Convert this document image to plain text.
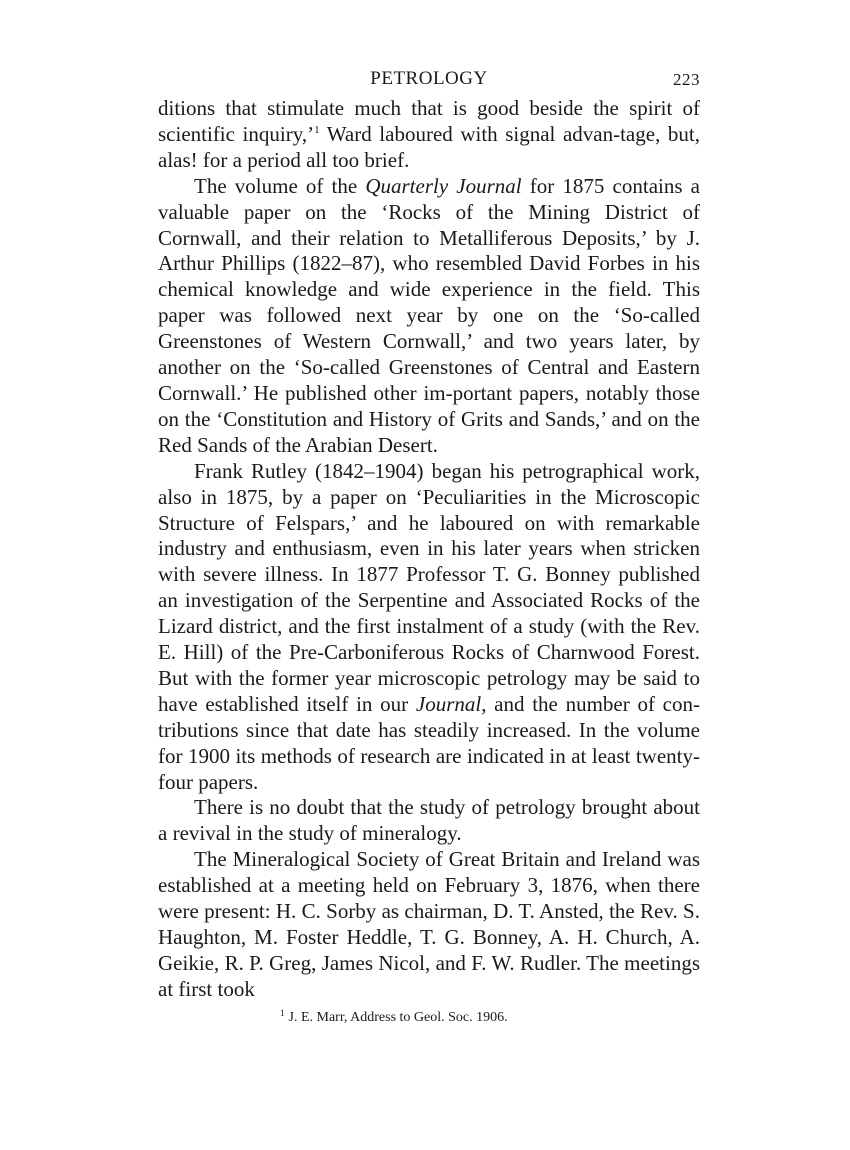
PETROLOGY	223

ditions that stimulate much that is good beside the spirit of scientific inquiry,’$^1$ Ward laboured with signal advan-tage, but, alas! for a period all too brief.

The volume of the Quarterly Journal for 1875 contains a valuable paper on the ‘Rocks of the Mining District of Cornwall, and their relation to Metalliferous Deposits,’ by J. Arthur Phillips (1822–87), who resembled David Forbes in his chemical knowledge and wide experience in the field. This paper was followed next year by one on the ‘So-called Greenstones of Western Cornwall,’ and two years later, by another on the ‘So-called Greenstones of Central and Eastern Cornwall.’ He published other im-portant papers, notably those on the ‘Constitution and History of Grits and Sands,’ and on the Red Sands of the Arabian Desert.

Frank Rutley (1842–1904) began his petrographical work, also in 1875, by a paper on ‘Peculiarities in the Microscopic Structure of Felspars,’ and he laboured on with remarkable industry and enthusiasm, even in his later years when stricken with severe illness. In 1877 Professor T. G. Bonney published an investigation of the Serpentine and Associated Rocks of the Lizard district, and the first instalment of a study (with the Rev. E. Hill) of the Pre-Carboniferous Rocks of Charnwood Forest. But with the former year microscopic petrology may be said to have established itself in our Journal, and the number of con-tributions since that date has steadily increased. In the volume for 1900 its methods of research are indicated in at least twenty-four papers.

There is no doubt that the study of petrology brought about a revival in the study of mineralogy.

The Mineralogical Society of Great Britain and Ireland was established at a meeting held on February 3, 1876, when there were present: H. C. Sorby as chairman, D. T. Ansted, the Rev. S. Haughton, M. Foster Heddle, T. G. Bonney, A. H. Church, A. Geikie, R. P. Greg, James Nicol, and F. W. Rudler. The meetings at first took

$^1$ J. E. Marr, Address to Geol. Soc. 1906.
